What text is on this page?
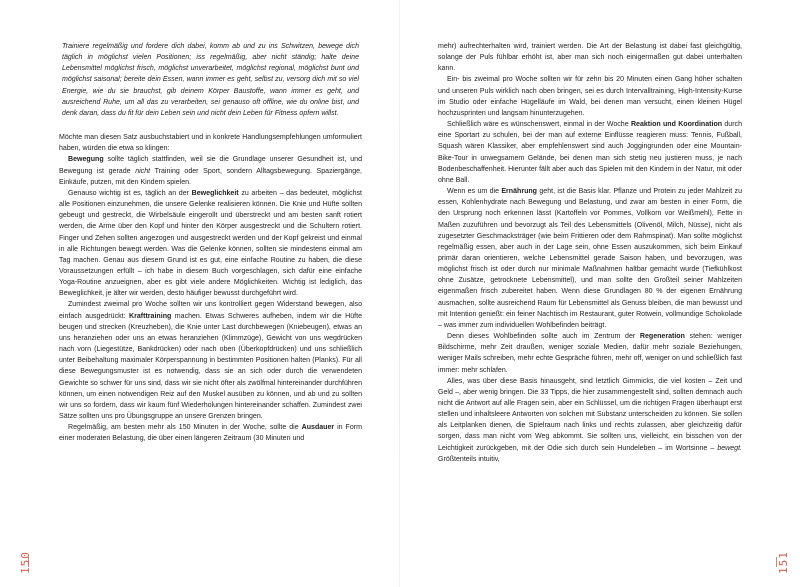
Trainiere regelmäßig und fordere dich dabei, komm ab und zu ins Schwitzen, bewege dich täglich in möglichst vielen Positionen; iss regelmäßig, aber nicht ständig; halte deine Lebensmittel möglichst frisch, möglichst unverarbeitet, möglichst regional, möglichst bunt und möglichst saisonal; bereite dein Essen, wann immer es geht, selbst zu, versorg dich mit so viel Energie, wie du sie brauchst, gib deinem Körper Baustoffe, wann immer es geht, und ausreichend Ruhe, um all das zu verarbeiten, sei genauso oft offline, wie du online bist, und denk daran, dass du fit für dein Leben sein und nicht dein Leben für Fitness opfern willst.

Möchte man diesen Satz ausbuchstabiert und in konkrete Handlungsempfehlungen umformuliert haben, würden die etwa so klingen:

Bewegung sollte täglich stattfinden, weil sie die Grundlage unserer Gesundheit ist, und Bewegung ist gerade nicht Training oder Sport, sondern Alltagsbewegung. Spaziergänge, Einkäufe, putzen, mit den Kindern spielen.

Genauso wichtig ist es, täglich an der Beweglichkeit zu arbeiten – das bedeutet, möglichst alle Positionen einzunehmen, die unsere Gelenke realisieren können. Die Knie und Hüfte sollten gebeugt und gestreckt, die Wirbelsäule eingerollt und überstreckt und am besten sanft rotiert werden, die Arme über den Kopf und hinter den Körper ausgestreckt und die Schultern rotiert. Finger und Zehen sollten angezogen und ausgestreckt werden und der Kopf gekreist und einmal in alle Richtungen bewegt werden. Was die Gelenke können, sollten sie mindestens einmal am Tag machen. Genau aus diesem Grund ist es gut, eine einfache Routine zu haben, die diese Voraussetzungen erfüllt – ich habe in diesem Buch vorgeschlagen, sich dafür eine einfache Yoga-Routine anzueignen, aber es gibt viele andere Möglichkeiten. Wichtig ist lediglich, das Beweglichkeit, je älter wir werden, desto häufiger bewusst durchgeführt wird.

Zumindest zweimal pro Woche sollten wir uns kontrolliert gegen Widerstand bewegen, also einfach ausgedrückt: Krafttraining machen. Etwas Schweres aufheben, indem wir die Hüfte beugen und strecken (Kreuzheben), die Knie unter Last durchbewegen (Kniebeugen), etwas an uns heranziehen oder uns an etwas heranziehen (Klimmzüge), Gewicht von uns wegdrücken nach vorn (Liegestütze, Bankdrücken) oder nach oben (Überkopfdrücken) und uns schließlich unter Beibehaltung maximaler Körperspannung in bestimmten Positionen halten (Planks). Für all diese Bewegungsmuster ist es notwendig, dass sie an sich oder durch die verwendeten Gewichte so schwer für uns sind, dass wir sie nicht öfter als zwölfmal hintereinander durchführen können, um einen notwendigen Reiz auf den Muskel ausüben zu können, und ab und zu sollten wir uns so fordern, dass wir kaum fünf Wiederholungen hintereinander schaffen. Zumindest zwei Sätze sollten uns pro Übungsgruppe an unsere Grenzen bringen.

Regelmäßig, am besten mehr als 150 Minuten in der Woche, sollte die Ausdauer in Form einer moderaten Belastung, die über einen längeren Zeitraum (30 Minuten und

150

mehr) aufrechterhalten wird, trainiert werden. Die Art der Belastung ist dabei fast gleichgültig, solange der Puls fühlbar erhöht ist, aber man sich noch einigermaßen gut dabei unterhalten kann.

Ein- bis zweimal pro Woche sollten wir für zehn bis 20 Minuten einen Gang höher schalten und unseren Puls wirklich nach oben bringen, sei es durch Intervalltraining, High-Intensity-Kurse im Studio oder einfache Hügelläufe im Wald, bei denen man versucht, einen kleinen Hügel hochzusprinten und langsam hinunterzugehen.

Schließlich wäre es wünschenswert, einmal in der Woche Reaktion und Koordination durch eine Sportart zu schulen, bei der man auf externe Einflüsse reagieren muss: Tennis, Fußball, Squash wären Klassiker, aber empfehlenswert sind auch Joggingrunden oder eine Mountain-Bike-Tour in unwegsamem Gelände, bei denen man sich stetig neu justieren muss, je nach Bodenbeschaffenheit. Hierunter fällt aber auch das Spielen mit den Kindern in der Natur, mit oder ohne Ball.

Wenn es um die Ernährung geht, ist die Basis klar. Pflanze und Protein zu jeder Mahlzeit zu essen, Kohlenhydrate nach Bewegung und Belastung, und zwar am besten in einer Form, die den Ursprung noch erkennen lässt (Kartoffeln vor Pommes, Vollkorn vor Weißmehl), Fette in Maßen zuzuführen und bevorzugt als Teil des Lebensmittels (Olivenöl, Milch, Nüsse), nicht als zugesetzter Geschmacksträger (wie beim Frittieren oder dem Rahmspinat). Man sollte möglichst regelmäßig essen, aber auch in der Lage sein, ohne Essen auszukommen, sich beim Einkauf primär daran orientieren, welche Lebensmittel gerade Saison haben, und bevorzugen, was möglichst frisch ist oder durch nur minimale Maßnahmen haltbar gemacht wurde (Tiefkühlkost ohne Zusätze, getrocknete Lebensmittel), und man sollte den Großteil seiner Mahlzeiten eigenmaßen frisch zubereitet haben. Wenn diese Grundlagen 80 % der eigenen Ernährung ausmachen, sollte ausreichend Raum für Lebensmittel als Genuss bleiben, die man bewusst und mit Intention genießt: ein feiner Nachtisch im Restaurant, guter Rotwein, vollmundige Schokolade – was immer zum individuellen Wohlbefinden beiträgt.

Denn dieses Wohlbefinden sollte auch im Zentrum der Regeneration stehen: weniger Bildschirme, mehr Zeit draußen, weniger soziale Medien, dafür mehr soziale Beziehungen, weniger Mails schreiben, mehr echte Gespräche führen, mehr off, weniger on und schließlich fast immer: mehr schlafen.

Alles, was über diese Basis hinausgeht, sind letztlich Gimmicks, die viel kosten – Zeit und Geld –, aber wenig bringen. Die 33 Tipps, die hier zusammengestellt sind, sollten demnach auch nicht die Antwort auf alle Fragen sein, aber ein Schlüssel, um die richtigen Fragen überhaupt erst stellen und inhaltsleere Antworten von solchen mit Substanz unterscheiden zu können. Sie sollen als Leitplanken dienen, die Spielraum nach links und rechts zulassen, aber gleichzeitig dafür sorgen, dass man nicht vom Weg abkommt. Sie sollten uns, vielleicht, ein bisschen von der Leichtigkeit zurückgeben, mit der Odie sich durch sein Hundeleben – im Wortsinne – bewegt. Größtenteils intuitiv,

151
